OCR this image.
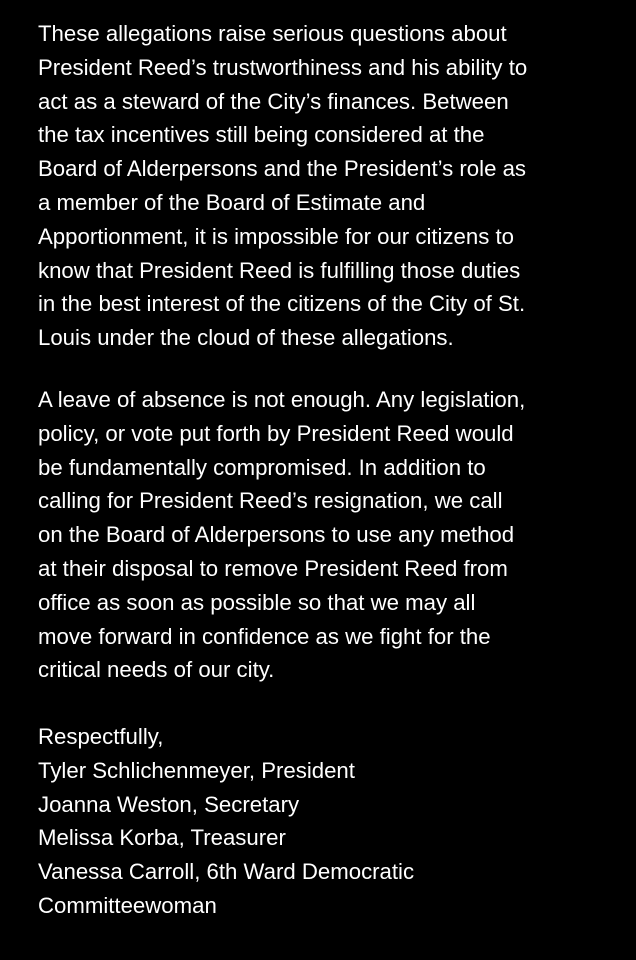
These allegations raise serious questions about
President Reed’s trustworthiness and his ability to
act as a steward of the City’s finances. Between
the tax incentives still being considered at the
Board of Alderpersons and the President’s role as
a member of the Board of Estimate and
Apportionment, it is impossible for our citizens to
know that President Reed is fulfilling those duties
in the best interest of the citizens of the City of St.
Louis under the cloud of these allegations.
A leave of absence is not enough. Any legislation,
policy, or vote put forth by President Reed would
be fundamentally compromised. In addition to
calling for President Reed’s resignation, we call
on the Board of Alderpersons to use any method
at their disposal to remove President Reed from
office as soon as possible so that we may all
move forward in confidence as we fight for the
critical needs of our city.
Respectfully,
Tyler Schlichenmeyer, President
Joanna Weston, Secretary
Melissa Korba, Treasurer
Vanessa Carroll, 6th Ward Democratic
Committeewoman
